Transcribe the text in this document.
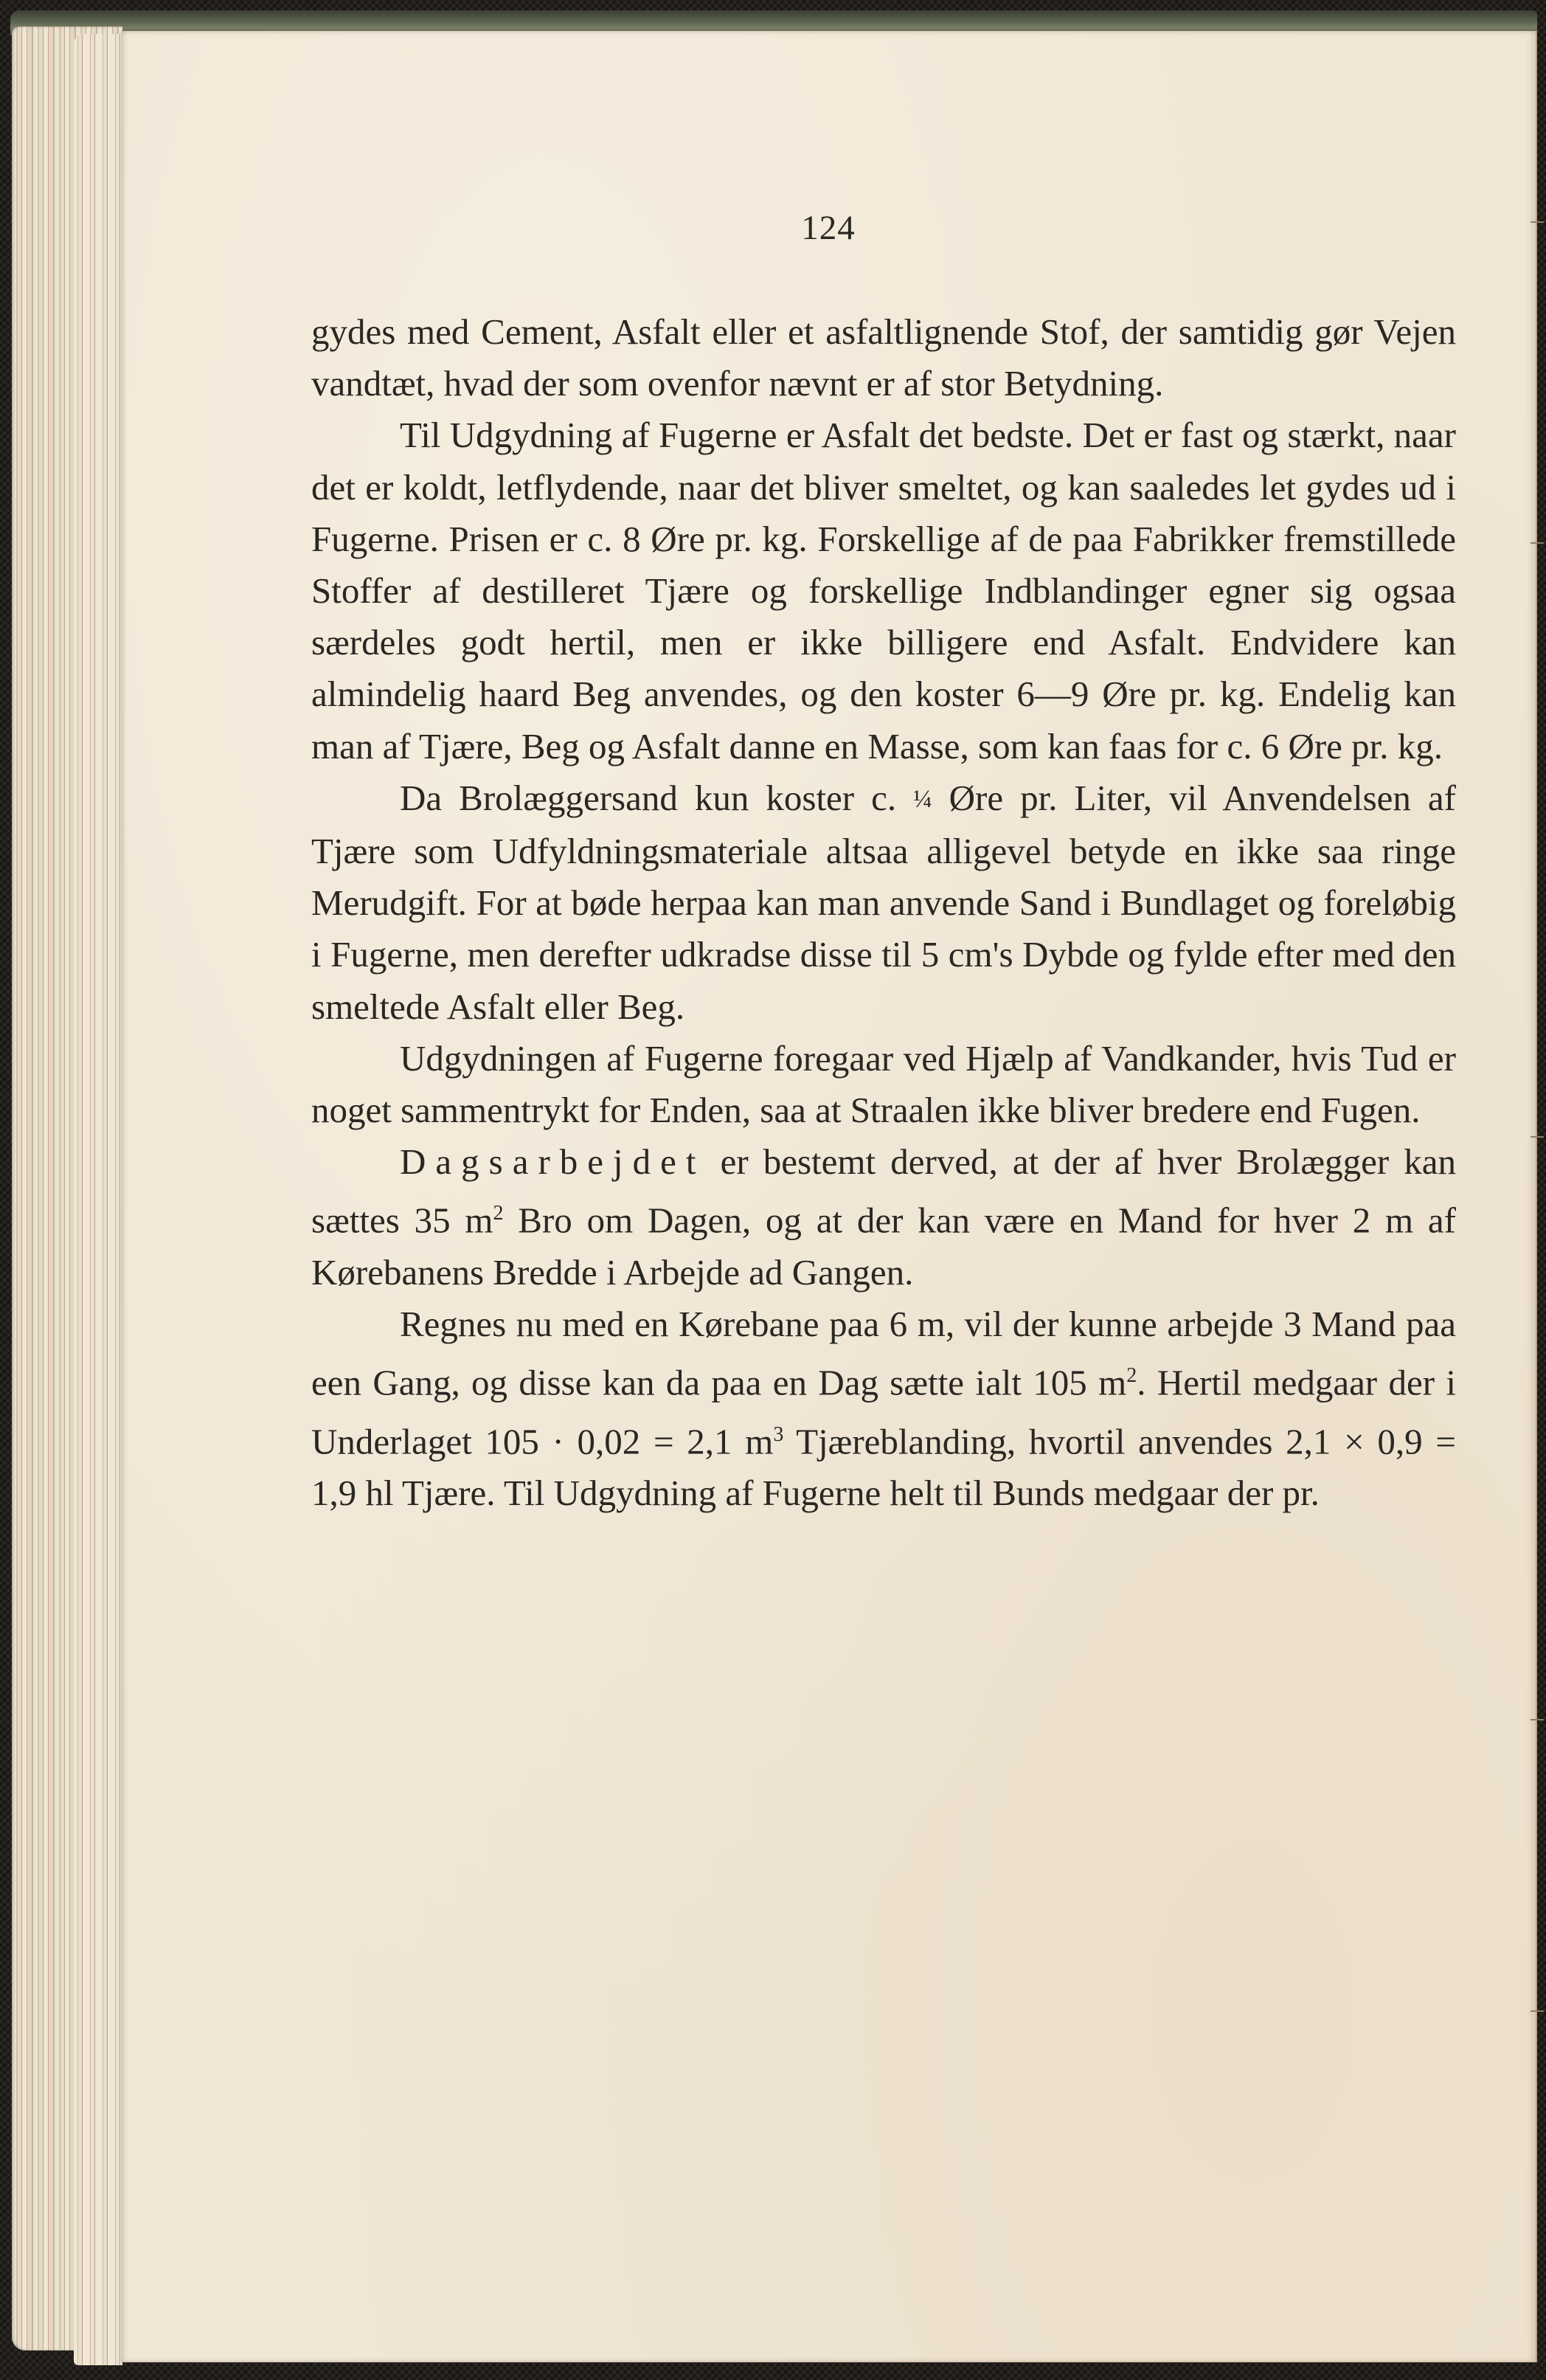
124

gydes med Cement, Asfalt eller et asfaltlignende Stof, der samtidig gør Vejen vandtæt, hvad der som ovenfor nævnt er af stor Betydning.

Til Udgydning af Fugerne er Asfalt det bedste. Det er fast og stærkt, naar det er koldt, letflydende, naar det bliver smeltet, og kan saaledes let gydes ud i Fugerne. Prisen er c. 8 Øre pr. kg. Forskellige af de paa Fabrikker fremstillede Stoffer af destilleret Tjære og forskellige Indblandinger egner sig ogsaa særdeles godt hertil, men er ikke billigere end Asfalt. Endvidere kan almindelig haard Beg anvendes, og den koster 6—9 Øre pr. kg. Endelig kan man af Tjære, Beg og Asfalt danne en Masse, som kan faas for c. 6 Øre pr. kg.

Da Brolæggersand kun koster c. ¼ Øre pr. Liter, vil Anvendelsen af Tjære som Udfyldningsmateriale altsaa alligevel betyde en ikke saa ringe Merudgift. For at bøde herpaa kan man anvende Sand i Bundlaget og foreløbig i Fugerne, men derefter udkradse disse til 5 cm's Dybde og fylde efter med den smeltede Asfalt eller Beg.

Udgydningen af Fugerne foregaar ved Hjælp af Vandkander, hvis Tud er noget sammentrykt for Enden, saa at Straalen ikke bliver bredere end Fugen.

Dagsarbejdet er bestemt derved, at der af hver Brolægger kan sættes 35 $m^2$ Bro om Dagen, og at der kan være en Mand for hver 2 m af Kørebanens Bredde i Arbejde ad Gangen.

Regnes nu med en Kørebane paa 6 m, vil der kunne arbejde 3 Mand paa een Gang, og disse kan da paa en Dag sætte ialt 105 $m^2$. Hertil medgaar der i Underlaget 105 · 0,02 = 2,1 $m^3$ Tjæreblanding, hvortil anvendes 2,1 × 0,9 = 1,9 hl Tjære. Til Udgydning af Fugerne helt til Bunds medgaar der pr.
